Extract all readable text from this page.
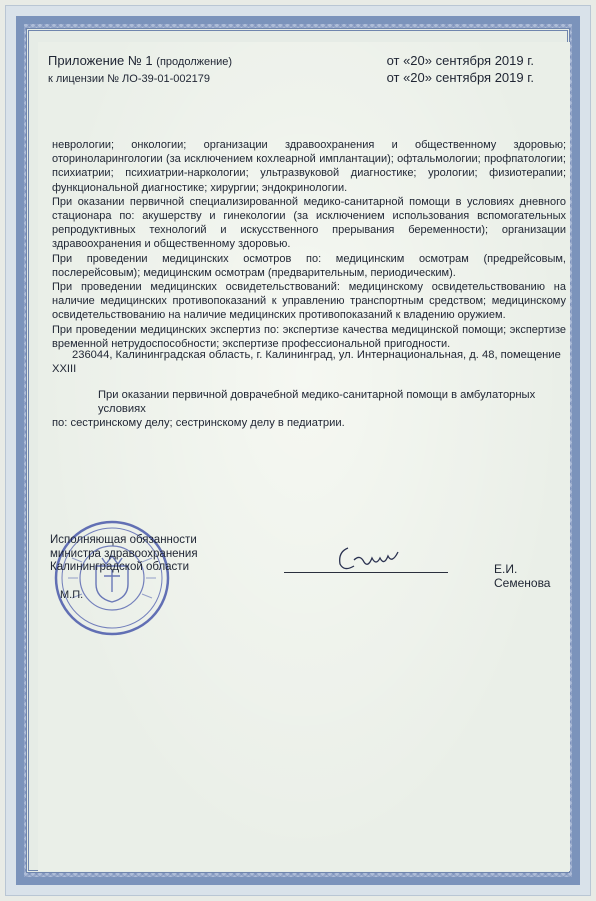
Приложение № 1 (продолжение)
к лицензии № ЛО-39-01-002179
от «20» сентября 2019 г.
от «20» сентября 2019 г.

неврологии; онкологии; организации здравоохранения и общественному здоровью; оториноларингологии (за исключением кохлеарной имплантации); офтальмологии; профпатологии; психиатрии; психиатрии-наркологии; ультразвуковой диагностике; урологии; физиотерапии; функциональной диагностике; хирургии; эндокринологии.

При оказании первичной специализированной медико-санитарной помощи в условиях дневного стационара по: акушерству и гинекологии (за исключением использования вспомогательных репродуктивных технологий и искусственного прерывания беременности); организации здравоохранения и общественному здоровью.

При проведении медицинских осмотров по: медицинским осмотрам (предрейсовым, послерейсовым); медицинским осмотрам (предварительным, периодическим).

При проведении медицинских освидетельствований: медицинскому освидетельствованию на наличие медицинских противопоказаний к управлению транспортным средством; медицинскому освидетельствованию на наличие медицинских противопоказаний к владению оружием.

При проведении медицинских экспертиз по: экспертизе качества медицинской помощи; экспертизе временной нетрудоспособности; экспертизе профессиональной пригодности.

236044, Калининградская область, г. Калининград, ул. Интернациональная, д. 48, помещение
XXIII
При оказании первичной доврачебной медико-санитарной помощи в амбулаторных условиях
по: сестринскому делу; сестринскому делу в педиатрии.
Исполняющая обязанности
министра здравоохранения
Калининградской области
М.П.
Е.И. Семенова
